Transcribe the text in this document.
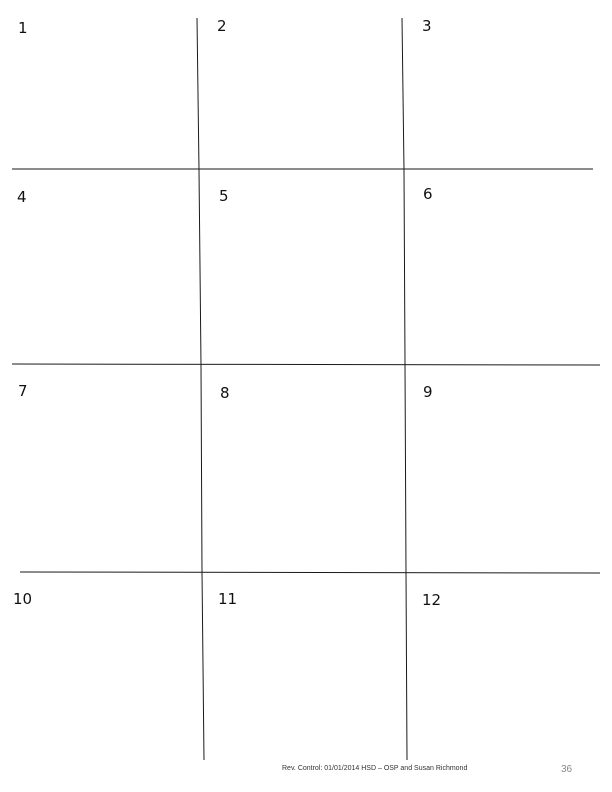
1	2	3
4	5	6
7	8	9
10	11	12
Rev. Control: 01/01/2014 HSD – OSP and Susan Richmond	36
